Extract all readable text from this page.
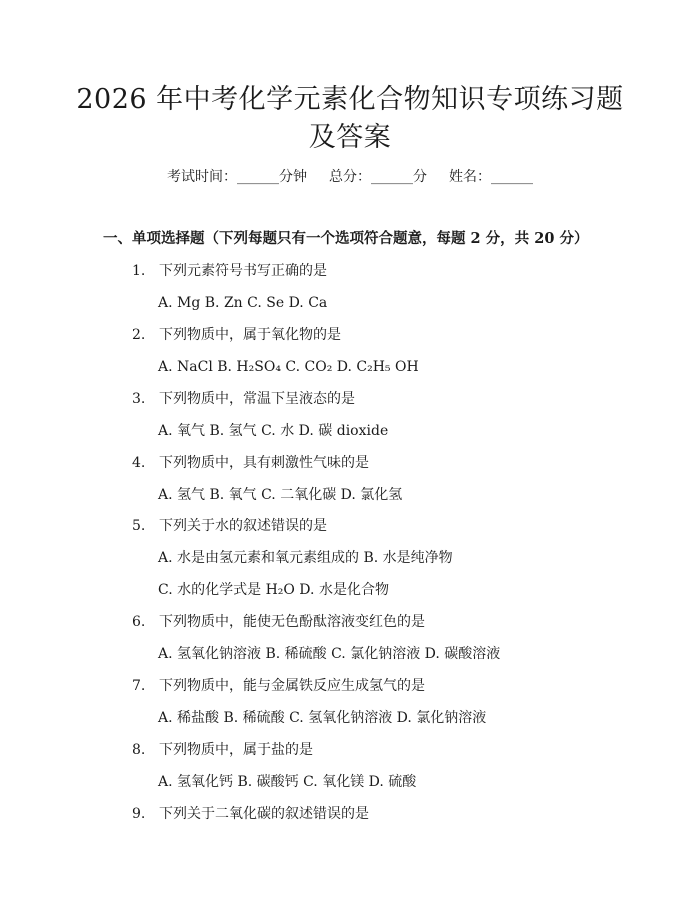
2026 年中考化学元素化合物知识专项练习题
及答案
考试时间：______分钟 总分：______分 姓名：______
一、单项选择题（下列每题只有一个选项符合题意，每题 2 分，共 20 分）
1. 下列元素符号书写正确的是
A. Mg B. Zn C. Se D. Ca
2. 下列物质中，属于氧化物的是
A. NaCl B. H₂SO₄ C. CO₂ D. C₂H₅ OH
3. 下列物质中，常温下呈液态的是
A. 氧气 B. 氢气 C. 水 D. 碳 dioxide
4. 下列物质中，具有刺激性气味的是
A. 氢气 B. 氧气 C. 二氧化碳 D. 氯化氢
5. 下列关于水的叙述错误的是
A. 水是由氢元素和氧元素组成的 B. 水是纯净物
C. 水的化学式是 H₂O D. 水是化合物
6. 下列物质中，能使无色酚酞溶液变红色的是
A. 氢氧化钠溶液 B. 稀硫酸 C. 氯化钠溶液 D. 碳酸溶液
7. 下列物质中，能与金属铁反应生成氢气的是
A. 稀盐酸 B. 稀硫酸 C. 氢氧化钠溶液 D. 氯化钠溶液
8. 下列物质中，属于盐的是
A. 氢氧化钙 B. 碳酸钙 C. 氧化镁 D. 硫酸
9. 下列关于二氧化碳的叙述错误的是
